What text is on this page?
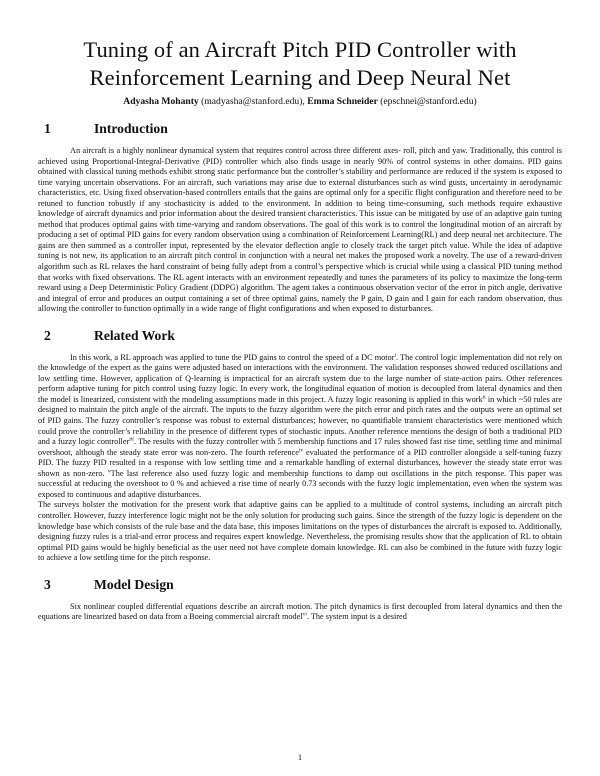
Tuning of an Aircraft Pitch PID Controller with
Reinforcement Learning and Deep Neural Net
Adyasha Mohanty (madyasha@stanford.edu), Emma Schneider (epschnei@stanford.edu)
1	Introduction

An aircraft is a highly nonlinear dynamical system that requires control across three different axes- roll, pitch and yaw. Traditionally, this control is achieved using Proportional-Integral-Derivative (PID) controller which also finds usage in nearly 90% of control systems in other domains. PID gains obtained with classical tuning methods exhibit strong static performance but the controller’s stability and performance are reduced if the system is exposed to time varying uncertain observations. For an aircraft, such variations may arise due to external disturbances such as wind gusts, uncertainty in aerodynamic characteristics, etc. Using fixed observation-based controllers entails that the gains are optimal only for a specific flight configuration and therefore need to be retuned to function robustly if any stochasticity is added to the environment. In addition to being time-consuming, such methods require exhaustive knowledge of aircraft dynamics and prior information about the desired transient characteristics. This issue can be mitigated by use of an adaptive gain tuning method that produces optimal gains with time-varying and random observations. The goal of this work is to control the longitudinal motion of an aircraft by producing a set of optimal PID gains for every random observation using a combination of Reinforcement Learning(RL) and deep neural net architecture. The gains are then summed as a controller input, represented by the elevator deflection angle to closely track the target pitch value. While the idea of adaptive tuning is not new, its application to an aircraft pitch control in conjunction with a neural net makes the proposed work a novelty. The use of a reward-driven algorithm such as RL relaxes the hard constraint of being fully adept from a control’s perspective which is crucial while using a classical PID tuning method that works with fixed observations. The RL agent interacts with an environment repeatedly and tunes the parameters of its policy to maximize the long-term reward using a Deep Deterministic Policy Gradient (DDPG) algorithm. The agent takes a continuous observation vector of the error in pitch angle, derivative and integral of error and produces an output containing a set of three optimal gains, namely the P gain, D gain and I gain for each random observation, thus allowing the controller to function optimally in a wide range of flight configurations and when exposed to disturbances.

2	Related Work

In this work, a RL approach was applied to tune the PID gains to control the speed of a DC motor$^i$. The control logic implementation did not rely on the knowledge of the expert as the gains were adjusted based on interactions with the environment. The validation responses showed reduced oscillations and low settling time. However, application of Q-learning is impractical for an aircraft system due to the large number of state-action pairs. Other references perform adaptive tuning for pitch control using fuzzy logic. In every work, the longitudinal equation of motion is decoupled from lateral dynamics and then the model is linearized, consistent with the modeling assumptions made in this project. A fuzzy logic reasoning is applied in this work$^{ii}$ in which ~50 rules are designed to maintain the pitch angle of the aircraft. The inputs to the fuzzy algorithm were the pitch error and pitch rates and the outputs were an optimal set of PID gains. The fuzzy controller’s response was robust to external disturbances; however, no quantifiable transient characteristics were mentioned which could prove the controller’s reliability in the presence of different types of stochastic inputs. Another reference mentions the design of both a traditional PID and a fuzzy logic controller$^{iii}$. The results with the fuzzy controller with 5 membership functions and 17 rules showed fast rise time, settling time and minimal overshoot, although the steady state error was non-zero. The fourth reference$^{iv}$ evaluated the performance of a PID controller alongside a self-tuning fuzzy PID. The fuzzy PID resulted in a response with low settling time and a remarkable handling of external disturbances, however the steady state error was shown as non-zero. $^v$The last reference also used fuzzy logic and membership functions to damp out oscillations in the pitch response. This paper was successful at reducing the overshoot to 0 % and achieved a rise time of nearly 0.73 seconds with the fuzzy logic implementation, even when the system was exposed to continuous and adaptive disturbances.

The surveys bolster the motivation for the present work that adaptive gains can be applied to a multitude of control systems, including an aircraft pitch controller. However, fuzzy interference logic might not be the only solution for producing such gains. Since the strength of the fuzzy logic is dependent on the knowledge base which consists of the rule base and the data base, this imposes limitations on the types of disturbances the aircraft is exposed to. Additionally, designing fuzzy rules is a trial-and error process and requires expert knowledge. Nevertheless, the promising results show that the application of RL to obtain optimal PID gains would be highly beneficial as the user need not have complete domain knowledge. RL can also be combined in the future with fuzzy logic to achieve a low settling time for the pitch response.

3	Model Design

Six nonlinear coupled differential equations describe an aircraft motion. The pitch dynamics is first decoupled from lateral dynamics and then the equations are linearized based on data from a Boeing commercial aircraft model$^{vi}$. The system input is a desired

1
